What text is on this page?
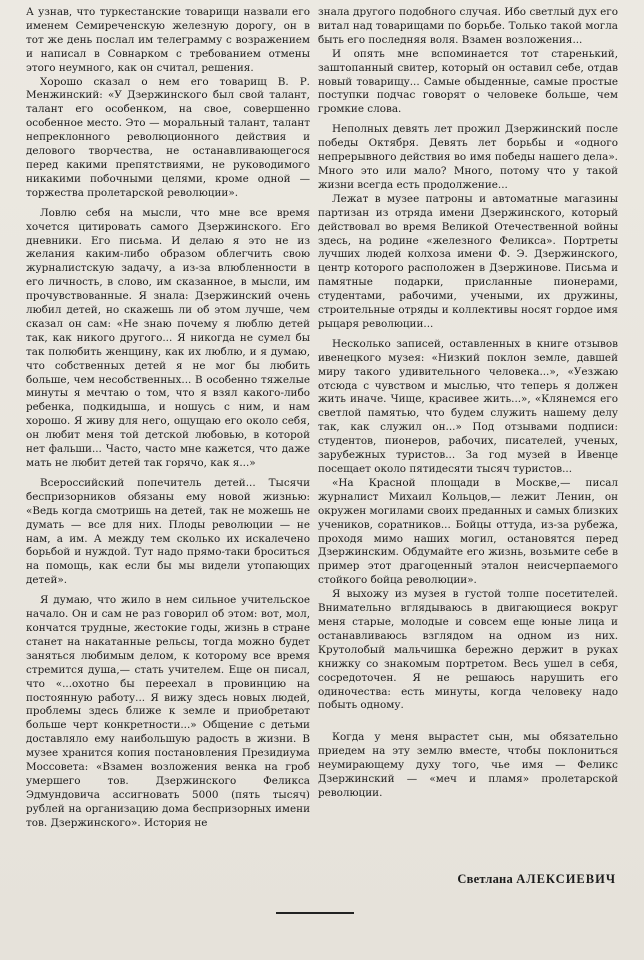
А узнав, что туркестанские товарищи назвали его именем Семиреченскую железную дорогу, он в тот же день послал им телеграмму с возражением и написал в Совнарком с требованием отмены этого неумного, как он считал, решения.

Хорошо сказал о нем его товарищ В. Р. Менжинский: «У Дзержинского был свой талант, талант его особенком, на свое, совершенно особенное место. Это — моральный талант, талант непреклонного революционного действия и делового творчества, не останавливающегося перед какими препятствиями, не руководимого никакими побочными целями, кроме одной — торжества пролетарской революции».

Ловлю себя на мысли, что мне все время хочется цитировать самого Дзержинского. Его дневники. Его письма. И делаю я это не из желания каким-либо образом облегчить свою журналистскую задачу, а из-за влюбленности в его личность, в слово, им сказанное, в мысли, им прочувствованные. Я знала: Дзержинский очень любил детей, но скажешь ли об этом лучше, чем сказал он сам: «Не знаю почему я люблю детей так, как никого другого... Я никогда не сумел бы так полюбить женщину, как их люблю, и я думаю, что собственных детей я не мог бы любить больше, чем несобственных... В особенно тяжелые минуты я мечтаю о том, что я взял какого-либо ребенка, подкидыша, и ношусь с ним, и нам хорошо. Я живу для него, ощущаю его около себя, он любит меня той детской любовью, в которой нет фальши... Часто, часто мне кажется, что даже мать не любит детей так горячо, как я...»

Всероссийский попечитель детей... Тысячи беспризорников обязаны ему новой жизнью: «Ведь когда смотришь на детей, так не можешь не думать — все для них. Плоды революции — не нам, а им. А между тем сколько их искалечено борьбой и нуждой. Тут надо прямо-таки броситься на помощь, как если бы мы видели утопающих детей».

Я думаю, что жило в нем сильное учительское начало. Он и сам не раз говорил об этом: вот, мол, кончатся трудные, жестокие годы, жизнь в стране станет на накатанные рельсы, тогда можно будет заняться любимым делом, к которому все время стремится душа,— стать учителем. Еще он писал, что «...охотно бы переехал в провинцию на постоянную работу... Я вижу здесь новых людей, проблемы здесь ближе к земле и приобретают больше черт конкретности...» Общение с детьми доставляло ему наибольшую радость в жизни. В музее хранится копия постановления Президиума Моссовета: «Взамен возложения венка на гроб умершего тов. Дзержинского Феликса Эдмундовича ассигновать 5000 (пять тысяч) рублей на организацию дома беспризорных имени тов. Дзержинского». История не

знала другого подобного случая. Ибо светлый дух его витал над товарищами по борьбе. Только такой могла быть его последняя воля. Взамен возложения...

И опять мне вспоминается тот старенький, заштопанный свитер, который он оставил себе, отдав новый товарищу... Самые обыденные, самые простые поступки подчас говорят о человеке больше, чем громкие слова.

Неполных девять лет прожил Дзержинский после победы Октября. Девять лет борьбы и «одного непрерывного действия во имя победы нашего дела». Много это или мало? Много, потому что у такой жизни всегда есть продолжение...

Лежат в музее патроны и автоматные магазины партизан из отряда имени Дзержинского, который действовал во время Великой Отечественной войны здесь, на родине «железного Феликса». Портреты лучших людей колхоза имени Ф. Э. Дзержинского, центр которого расположен в Дзержинове. Письма и памятные подарки, присланные пионерами, студентами, рабочими, учеными, их дружины, строительные отряды и коллективы носят гордое имя рыцаря революции...

Несколько записей, оставленных в книге отзывов ивенецкого музея: «Низкий поклон земле, давшей миру такого удивительного человека...», «Уезжаю отсюда с чувством и мыслью, что теперь я должен жить иначе. Чище, красивее жить...», «Клянемся его светлой памятью, что будем служить нашему делу так, как служил он...» Под отзывами подписи: студентов, пионеров, рабочих, писателей, ученых, зарубежных туристов... За год музей в Ивенце посещает около пятидесяти тысяч туристов...

«На Красной площади в Москве,— писал журналист Михаил Кольцов,— лежит Ленин, он окружен могилами своих преданных и самых близких учеников, соратников... Бойцы оттуда, из-за рубежа, проходя мимо наших могил, остановятся перед Дзержинским. Обдумайте его жизнь, возьмите себе в пример этот драгоценный эталон неисчерпаемого стойкого бойца революции».

Я выхожу из музея в густой толпе посетителей. Внимательно вглядываюсь в двигающиеся вокруг меня старые, молодые и совсем еще юные лица и останавливаюсь взглядом на одном из них. Крутолобый мальчишка бережно держит в руках книжку со знакомым портретом. Весь ушел в себя, сосредоточен. Я не решаюсь нарушить его одиночества: есть минуты, когда человеку надо побыть одному.

Когда у меня вырастет сын, мы обязательно приедем на эту землю вместе, чтобы поклониться неумирающему духу того, чье имя — Феликс Дзержинский — «меч и пламя» пролетарской революции.

Светлана АЛЕКСИЕВИЧ
